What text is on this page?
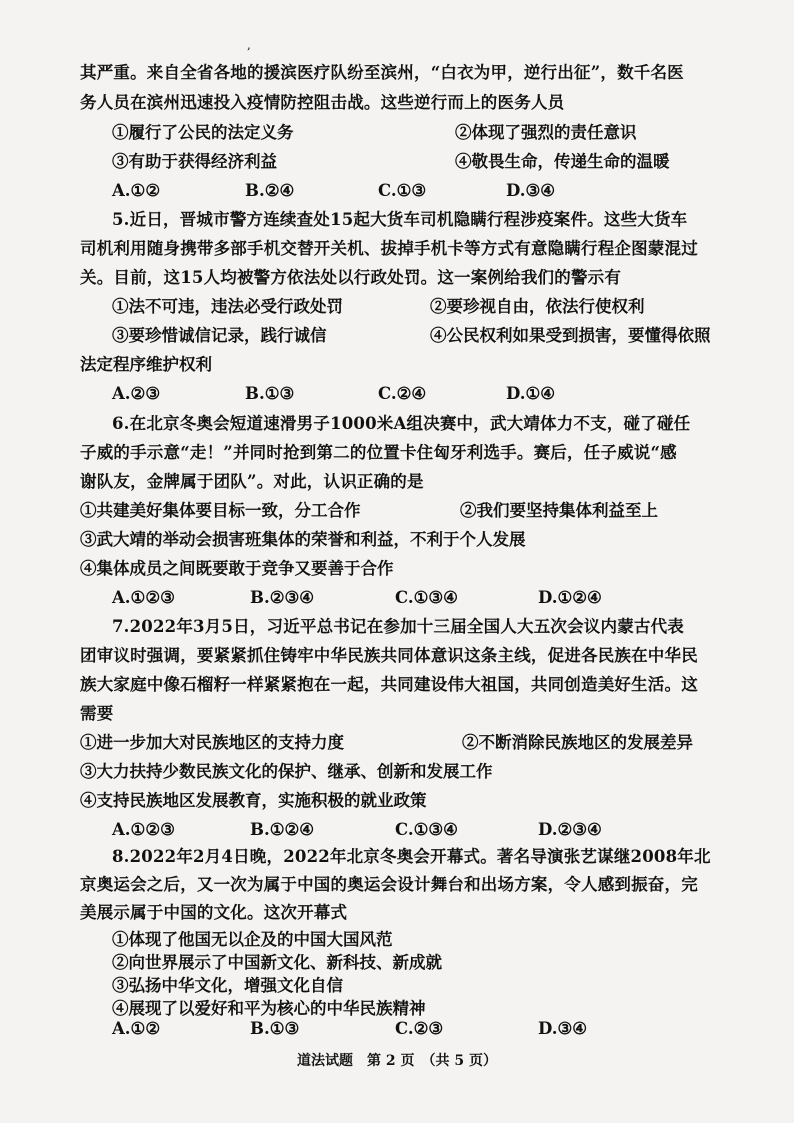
,
其严重。来自全省各地的援滨医疗队纷至滨州，“白衣为甲，逆行出征”，数千名医
务人员在滨州迅速投入疫情防控阻击战。这些逆行而上的医务人员
①履行了公民的法定义务	②体现了强烈的责任意识
③有助于获得经济利益	④敬畏生命，传递生命的温暖
A.①②	B.②④	C.①③	D.③④
5.近日，晋城市警方连续查处15起大货车司机隐瞒行程涉疫案件。这些大货车
司机利用随身携带多部手机交替开关机、拔掉手机卡等方式有意隐瞒行程企图蒙混过
关。目前，这15人均被警方依法处以行政处罚。这一案例给我们的警示有
①法不可违，违法必受行政处罚	②要珍视自由，依法行使权利
③要珍惜诚信记录，践行诚信	④公民权利如果受到损害，要懂得依照
法定程序维护权利
A.②③	B.①③	C.②④	D.①④
6.在北京冬奥会短道速滑男子1000米A组决赛中，武大靖体力不支，碰了碰任
子威的手示意“走！”并同时抢到第二的位置卡住匈牙利选手。赛后，任子威说“感
谢队友，金牌属于团队”。对此，认识正确的是
①共建美好集体要目标一致，分工合作	②我们要坚持集体利益至上
③武大靖的举动会损害班集体的荣誉和利益，不利于个人发展
④集体成员之间既要敢于竞争又要善于合作
A.①②③	B.②③④	C.①③④	D.①②④
7.2022年3月5日，习近平总书记在参加十三届全国人大五次会议内蒙古代表
团审议时强调，要紧紧抓住铸牢中华民族共同体意识这条主线，促进各民族在中华民
族大家庭中像石榴籽一样紧紧抱在一起，共同建设伟大祖国，共同创造美好生活。这
需要
①进一步加大对民族地区的支持力度	②不断消除民族地区的发展差异
③大力扶持少数民族文化的保护、继承、创新和发展工作
④支持民族地区发展教育，实施积极的就业政策
A.①②③	B.①②④	C.①③④	D.②③④
8.2022年2月4日晚，2022年北京冬奥会开幕式。著名导演张艺谋继2008年北
京奥运会之后，又一次为属于中国的奥运会设计舞台和出场方案，令人感到振奋，完
美展示属于中国的文化。这次开幕式
①体现了他国无以企及的中国大国风范
②向世界展示了中国新文化、新科技、新成就
③弘扬中华文化，增强文化自信
④展现了以爱好和平为核心的中华民族精神
道法试题　第 2 页　（共 5 页）
A.①②	B.①③	C.②③	D.③④
